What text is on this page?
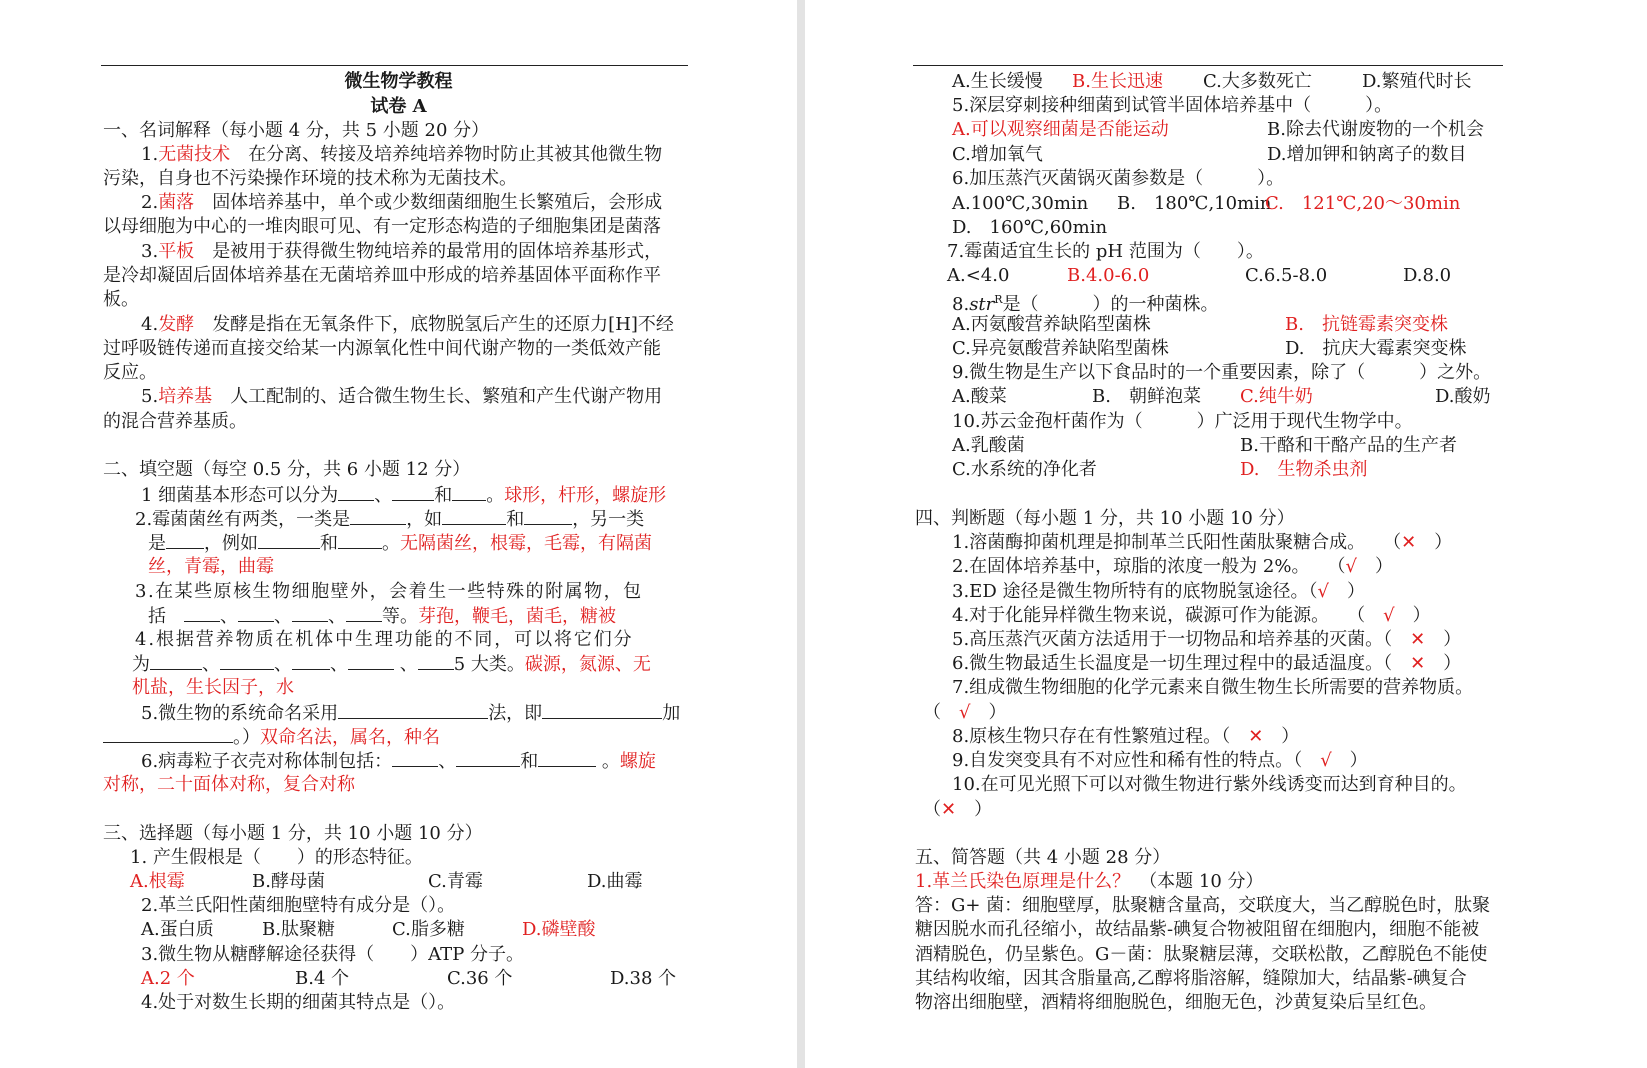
微生物学教程
试卷 A
一、名词解释（每小题 4 分，共 5 小题 20 分）
1.无菌技术　 在分离、转接及培养纯培养物时防止其被其他微生物
污染，自身也不污染操作环境的技术称为无菌技术。
2.菌落　 固体培养基中，单个或少数细菌细胞生长繁殖后，会形成
以母细胞为中心的一堆肉眼可见、有一定形态构造的子细胞集团是菌落
3.平板　 是被用于获得微生物纯培养的最常用的固体培养基形式，
是冷却凝固后固体培养基在无菌培养皿中形成的培养基固体平面称作平
板。
4.发酵　 发酵是指在无氧条件下，底物脱氢后产生的还原力[H]不经
过呼吸链传递而直接交给某一内源氧化性中间代谢产物的一类低效产能
反应。
5.培养基　 人工配制的、适合微生物生长、繁殖和产生代谢产物用
的混合营养基质。
二、填空题（每空 0.5 分，共 6 小题 12 分）
1 细菌基本形态可以分为 、 和 。球形，杆形，螺旋形
2.霉菌菌丝有两类，一类是	，如	和	，另一类
是 ，例如	和 。无隔菌丝，根霉，毛霉，有隔菌
丝，青霉，曲霉
3.在某些原核生物细胞壁外，会着生一些特殊的附属物，包
括　	、 、 、 等。芽孢，鞭毛，菌毛，糖被
4.根据营养物质在机体中生理功能的不同，可以将它们分
为	、	、 、	、 5 大类。碳源，氮源、无
机盐，生长因子，水
5.微生物的系统命名采用	法，即	加
。）双命名法，属名，种名
6.病毒粒子衣壳对称体制包括：	、	和	。螺旋
对称，二十面体对称，复合对称
三、选择题（每小题 1 分，共 10 小题 10 分）
1. 产生假根是（　　）的形态特征。
A.根霉	B.酵母菌	C.青霉	D.曲霉
2.革兰氏阳性菌细胞壁特有成分是（）。
A.蛋白质	B.肽聚糖	C.脂多糖	D.磷壁酸
3.微生物从糖酵解途径获得（　　）ATP 分子。
A.2 个	B.4 个	C.36 个	D.38 个
4.处于对数生长期的细菌其特点是（）。
A.生长缓慢 B.生长迅速 C.大多数死亡	D.繁殖代时长
5.深层穿刺接种细菌到试管半固体培养基中（　　　）。
A.可以观察细菌是否能运动	B.除去代谢废物的一个机会
C.增加氧气	D.增加钾和钠离子的数目
6.加压蒸汽灭菌锅灭菌参数是（　　　）。
A.100℃,30min B.　180℃,10min
C.　121℃,20～30min
D.　160℃,60min
7.霉菌适宜生长的 pH 范围为（　　）。
A.<4.0	B.4.0-6.0	C.6.5-8.0	D.8.0
8.str$^R$是（　　　）的一种菌株。
A.丙氨酸营养缺陷型菌株	B.　抗链霉素突变株
C.异亮氨酸营养缺陷型菌株	D.　抗庆大霉素突变株
9.微生物是生产以下食品时的一个重要因素，除了（　　　）之外。
A.酸菜	B.　朝鲜泡菜 C.纯牛奶	D.酸奶
10.苏云金孢杆菌作为（　　　）广泛用于现代生物学中。
A.乳酸菌	B.干酪和干酪产品的生产者
C.水系统的净化者	D.　生物杀虫剂
四、判断题（每小题 1 分，共 10 小题 10 分）
1.溶菌酶抑菌机理是抑制革兰氏阳性菌肽聚糖合成。　　 （✕　 ）
2.在固体培养基中，琼脂的浓度一般为 2%。　　 （√　 ）
3.ED 途径是微生物所特有的底物脱氢途径。（√　 ）
4.对于化能异样微生物来说，碳源可作为能源。　　 （　 √　 ）
5.高压蒸汽灭菌方法适用于一切物品和培养基的灭菌。（　 ✕　 ）
6.微生物最适生长温度是一切生理过程中的最适温度。（　 ✕　 ）
7.组成微生物细胞的化学元素来自微生物生长所需要的营养物质。
（　 √　 ）
8.原核生物只存在有性繁殖过程。（　 ✕　 ）
9.自发突变具有不对应性和稀有性的特点。（　 √　 ）
10.在可见光照下可以对微生物进行紫外线诱变而达到育种目的。
（✕　 ）
五、简答题（共 4 小题 28 分）
1.革兰氏染色原理是什么？　 （本题 10 分）
答：G+ 菌：细胞壁厚，肽聚糖含量高，交联度大，当乙醇脱色时，肽聚
糖因脱水而孔径缩小，故结晶紫-碘复合物被阻留在细胞内，细胞不能被
酒精脱色，仍呈紫色。G－菌：肽聚糖层薄，交联松散，乙醇脱色不能使
其结构收缩，因其含脂量高,乙醇将脂溶解，缝隙加大，结晶紫-碘复合
物溶出细胞壁，酒精将细胞脱色，细胞无色，沙黄复染后呈红色。
